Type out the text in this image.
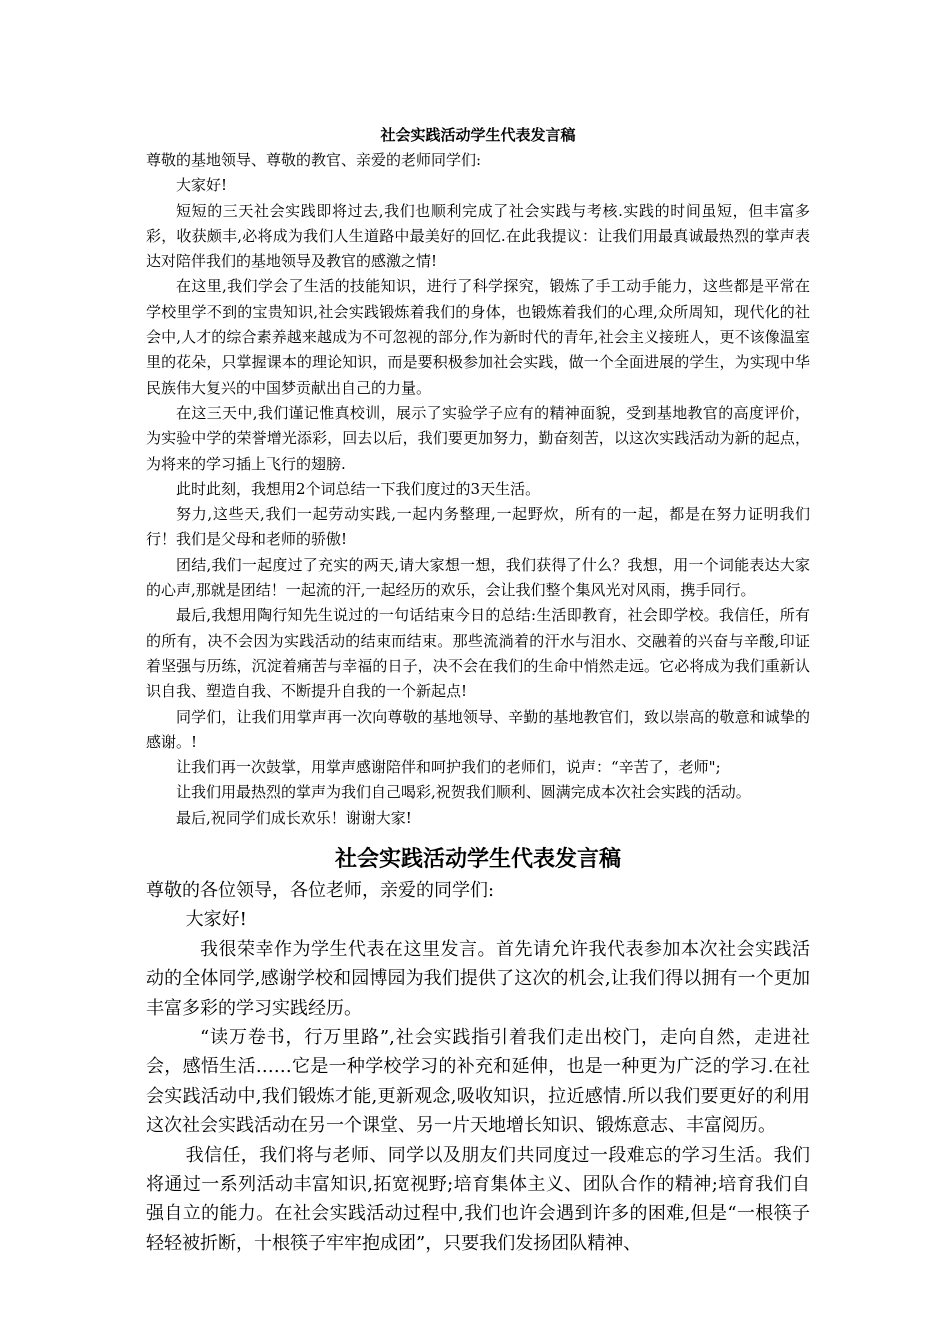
社会实践活动学生代表发言稿

尊敬的基地领导、尊敬的教官、亲爱的老师同学们:

大家好!

短短的三天社会实践即将过去,我们也顺利完成了社会实践与考核.实践的时间虽短，但丰富多彩，收获颇丰,必将成为我们人生道路中最美好的回忆.在此我提议：让我们用最真诚最热烈的掌声表达对陪伴我们的基地领导及教官的感激之情!

在这里,我们学会了生活的技能知识，进行了科学探究，锻炼了手工动手能力，这些都是平常在学校里学不到的宝贵知识,社会实践锻炼着我们的身体，也锻炼着我们的心理,众所周知，现代化的社会中,人才的综合素养越来越成为不可忽视的部分,作为新时代的青年,社会主义接班人，更不该像温室里的花朵，只掌握课本的理论知识，而是要积极参加社会实践，做一个全面进展的学生，为实现中华民族伟大复兴的中国梦贡献出自己的力量。

在这三天中,我们谨记惟真校训，展示了实验学子应有的精神面貌，受到基地教官的高度评价，为实验中学的荣誉增光添彩，回去以后，我们要更加努力，勤奋刻苦，以这次实践活动为新的起点，为将来的学习插上飞行的翅膀.

此时此刻，我想用2个词总结一下我们度过的3天生活。

努力,这些天,我们一起劳动实践,一起内务整理,一起野炊，所有的一起，都是在努力证明我们行！我们是父母和老师的骄傲!

团结,我们一起度过了充实的两天,请大家想一想，我们获得了什么？我想，用一个词能表达大家的心声,那就是团结！一起流的汗,一起经历的欢乐，会让我们整个集风光对风雨，携手同行。

最后,我想用陶行知先生说过的一句话结束今日的总结:生活即教育，社会即学校。我信任，所有的所有，决不会因为实践活动的结束而结束。那些流淌着的汗水与泪水、交融着的兴奋与辛酸,印证着坚强与历练，沉淀着痛苦与幸福的日子，决不会在我们的生命中悄然走远。它必将成为我们重新认识自我、塑造自我、不断提升自我的一个新起点!

同学们，让我们用掌声再一次向尊敬的基地领导、辛勤的基地教官们，致以崇高的敬意和诚挚的感谢。!

让我们再一次鼓掌，用掌声感谢陪伴和呵护我们的老师们，说声：“辛苦了，老师";

让我们用最热烈的掌声为我们自己喝彩,祝贺我们顺利、圆满完成本次社会实践的活动。

最后,祝同学们成长欢乐！谢谢大家!

社会实践活动学生代表发言稿

尊敬的各位领导，各位老师，亲爱的同学们:

大家好!

我很荣幸作为学生代表在这里发言。首先请允许我代表参加本次社会实践活动的全体同学,感谢学校和园博园为我们提供了这次的机会,让我们得以拥有一个更加丰富多彩的学习实践经历。

“读万卷书，行万里路”,社会实践指引着我们走出校门，走向自然，走进社会，感悟生活……它是一种学校学习的补充和延伸，也是一种更为广泛的学习.在社会实践活动中,我们锻炼才能,更新观念,吸收知识，拉近感情.所以我们要更好的利用这次社会实践活动在另一个课堂、另一片天地增长知识、锻炼意志、丰富阅历。

我信任，我们将与老师、同学以及朋友们共同度过一段难忘的学习生活。我们将通过一系列活动丰富知识,拓宽视野;培育集体主义、团队合作的精神;培育我们自强自立的能力。在社会实践活动过程中,我们也许会遇到许多的困难,但是“一根筷子轻轻被折断，十根筷子牢牢抱成团”，只要我们发扬团队精神、
